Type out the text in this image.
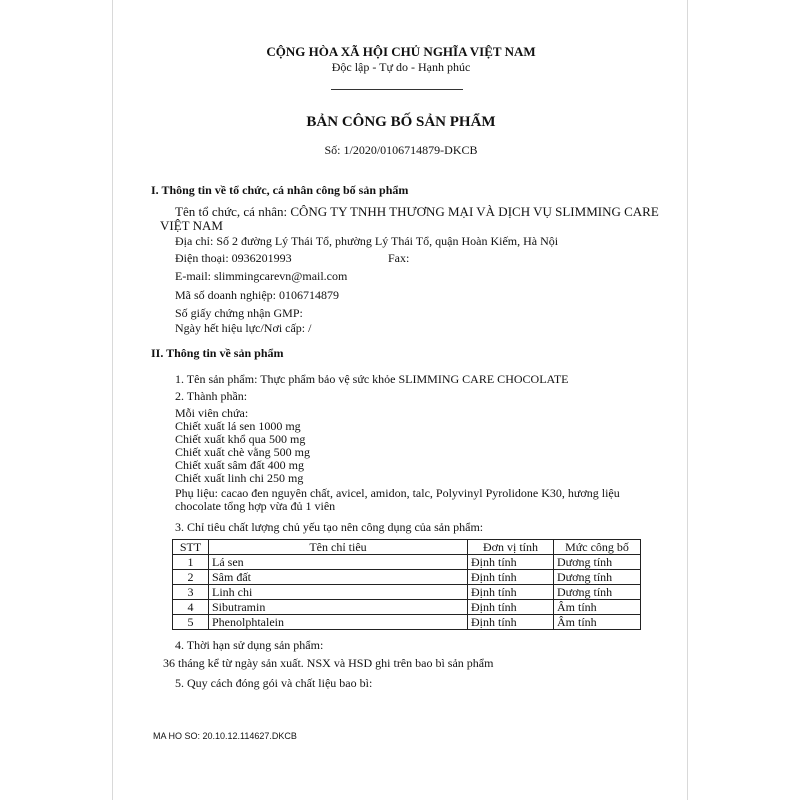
CỘNG HÒA XÃ HỘI CHỦ NGHĨA VIỆT NAM
Độc lập - Tự do - Hạnh phúc
BẢN CÔNG BỐ SẢN PHẨM
Số: 1/2020/0106714879-DKCB
I. Thông tin về tổ chức, cá nhân công bố sản phẩm
Tên tổ chức, cá nhân: CÔNG TY TNHH THƯƠNG MẠI VÀ DỊCH VỤ SLIMMING CARE
VIỆT NAM
Địa chỉ: Số 2 đường Lý Thái Tổ, phường Lý Thái Tổ, quận Hoàn Kiếm, Hà Nội
Điện thoại: 0936201993	Fax:
E-mail: slimmingcarevn@mail.com
Mã số doanh nghiệp: 0106714879
Số giấy chứng nhận GMP:
Ngày hết hiệu lực/Nơi cấp: /
II. Thông tin về sản phẩm
1. Tên sản phẩm: Thực phẩm bảo vệ sức khỏe SLIMMING CARE CHOCOLATE
2. Thành phần:
Mỗi viên chứa:
Chiết xuất lá sen 1000 mg
Chiết xuất khổ qua 500 mg
Chiết xuất chè vằng 500 mg
Chiết xuất sâm đất 400 mg
Chiết xuất linh chi 250 mg
Phụ liệu: cacao đen nguyên chất, avicel, amidon, talc, Polyvinyl Pyrolidone K30, hương liệu
chocolate tổng hợp vừa đủ 1 viên
3. Chỉ tiêu chất lượng chủ yếu tạo nên công dụng của sản phẩm:
STT	Tên chỉ tiêu	Đơn vị tính	Mức công bố
1	Lá sen	Định tính	Dương tính
2	Sâm đất	Định tính	Dương tính
3	Linh chi	Định tính	Dương tính
4	Sibutramin	Định tính	Âm tính
5	Phenolphtalein	Định tính	Âm tính
4. Thời hạn sử dụng sản phẩm:
36 tháng kể từ ngày sản xuất. NSX và HSD ghi trên bao bì sản phẩm
5. Quy cách đóng gói và chất liệu bao bì:
MA HO SO: 20.10.12.114627.DKCB
